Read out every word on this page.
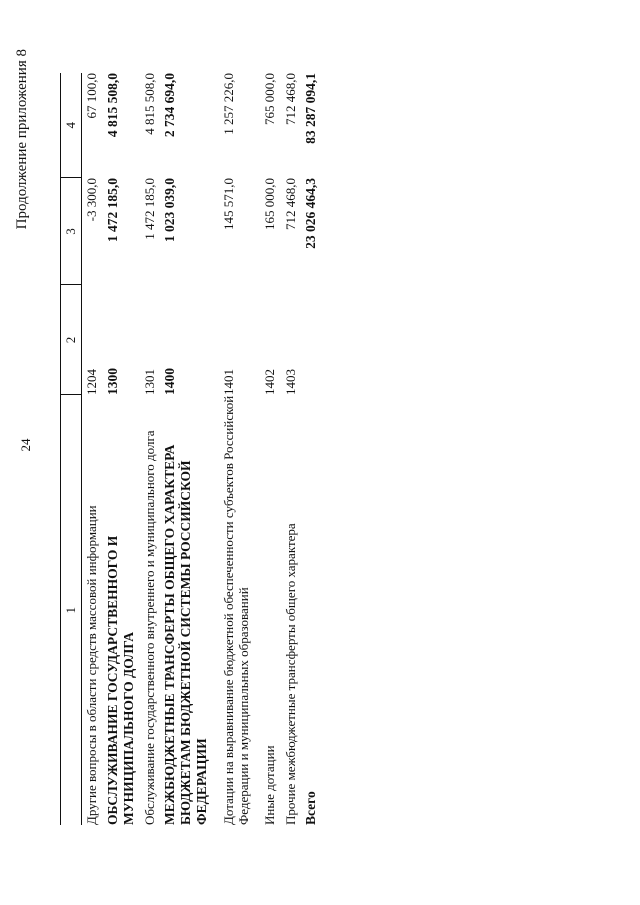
24
Продолжение приложения 8
1	2	3	4
Другие вопросы в области средств массовой информации	1204	-3 300,0	67 100,0
ОБСЛУЖИВАНИЕ ГОСУДАРСТВЕННОГО И МУНИЦИПАЛЬНОГО ДОЛГА	1300	1 472 185,0	4 815 508,0
Обслуживание государственного внутреннего и муниципального долга	1301	1 472 185,0	4 815 508,0
МЕЖБЮДЖЕТНЫЕ ТРАНСФЕРТЫ ОБЩЕГО ХАРАКТЕРА БЮДЖЕТАМ БЮДЖЕТНОЙ СИСТЕМЫ РОССИЙСКОЙ ФЕДЕРАЦИИ	1400	1 023 039,0	2 734 694,0
Дотации на выравнивание бюджетной обеспеченности субъектов Российской Федерации и муниципальных образований	1401	145 571,0	1 257 226,0
Иные дотации	1402	165 000,0	765 000,0
Прочие межбюджетные трансферты общего характера	1403	712 468,0	712 468,0
Всего		23 026 464,3	83 287 094,1
